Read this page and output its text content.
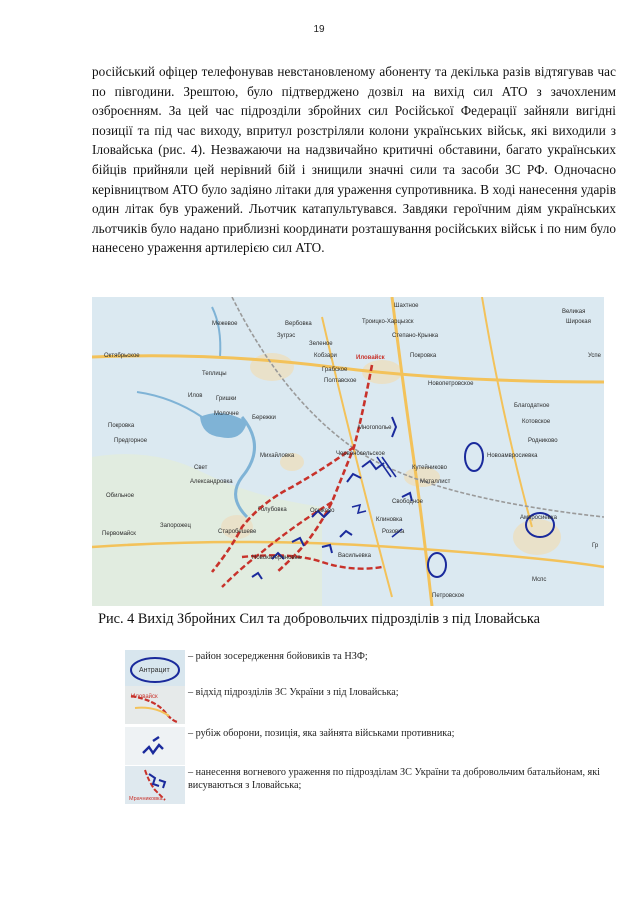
19

російський офіцер телефонував невстановленому абоненту та декілька разів відтягував час по півгодини. Зрештою, було підтверджено дозвіл на вихід сил АТО з зачохленим озброєнням. За цей час підрозділи збройних сил Російської Федерації зайняли вигідні позиції та під час виходу, впритул розстріляли колони українських військ, які виходили з Іловайська (рис. 4). Незважаючи на надзвичайно критичні обставини, багато українських бійців прийняли цей нерівний бій і знищили значні сили та засоби ЗС РФ. Одночасно керівництвом АТО було задіяно літаки для ураження супротивника. В ході нанесення ударів один літак був уражений. Льотчик катапультувався. Завдяки героїчним діям українських льотчиків було надано приблизні координати розташування російських військ і по ним було нанесено ураження артилерією сил АТО.

Шахтное
Межевое	Вербовка	Троицко-Харцызск
Великая
Широкая
Зугрэс
Зеленое
Степано-Крынка
Октябрьское	Кобзари
Теплицы
Грабское
Покровка	Успе
Гришки
Полтавское	Новопетровское
Молочне
Бережки
Многополье
Благодатное
Котовское
Покровка
Предгорное
Михайловка	Червоносельское
Родниково
Свет	Кутейниково
Новоамвросиевка
Александровка	Металлист
Амвросиевка
Свободное
Осыково
Клиновка
Розовка
Обильное
Первомайск	Старобешеве
Новокатериновка
Голубовка
Васильевка
Запорожец
Петровское
Гр
Мспс
Иловайск
Илов
Рис. 4 Вихід Збройних Сил та добровольчих підрозділів з під Іловайська
Антрацит
– район зосередження бойовиків та НЗФ;
Иловайск	– відхід підрозділів ЗС України з під Іловайська;
– рубіж оборони, позиція, яка зайнята військами противника;
Мрачниковка
– нанесення вогневого ураження по підрозділам ЗС України та добровольчим батальйонам, які висуваються з Іловайська;
